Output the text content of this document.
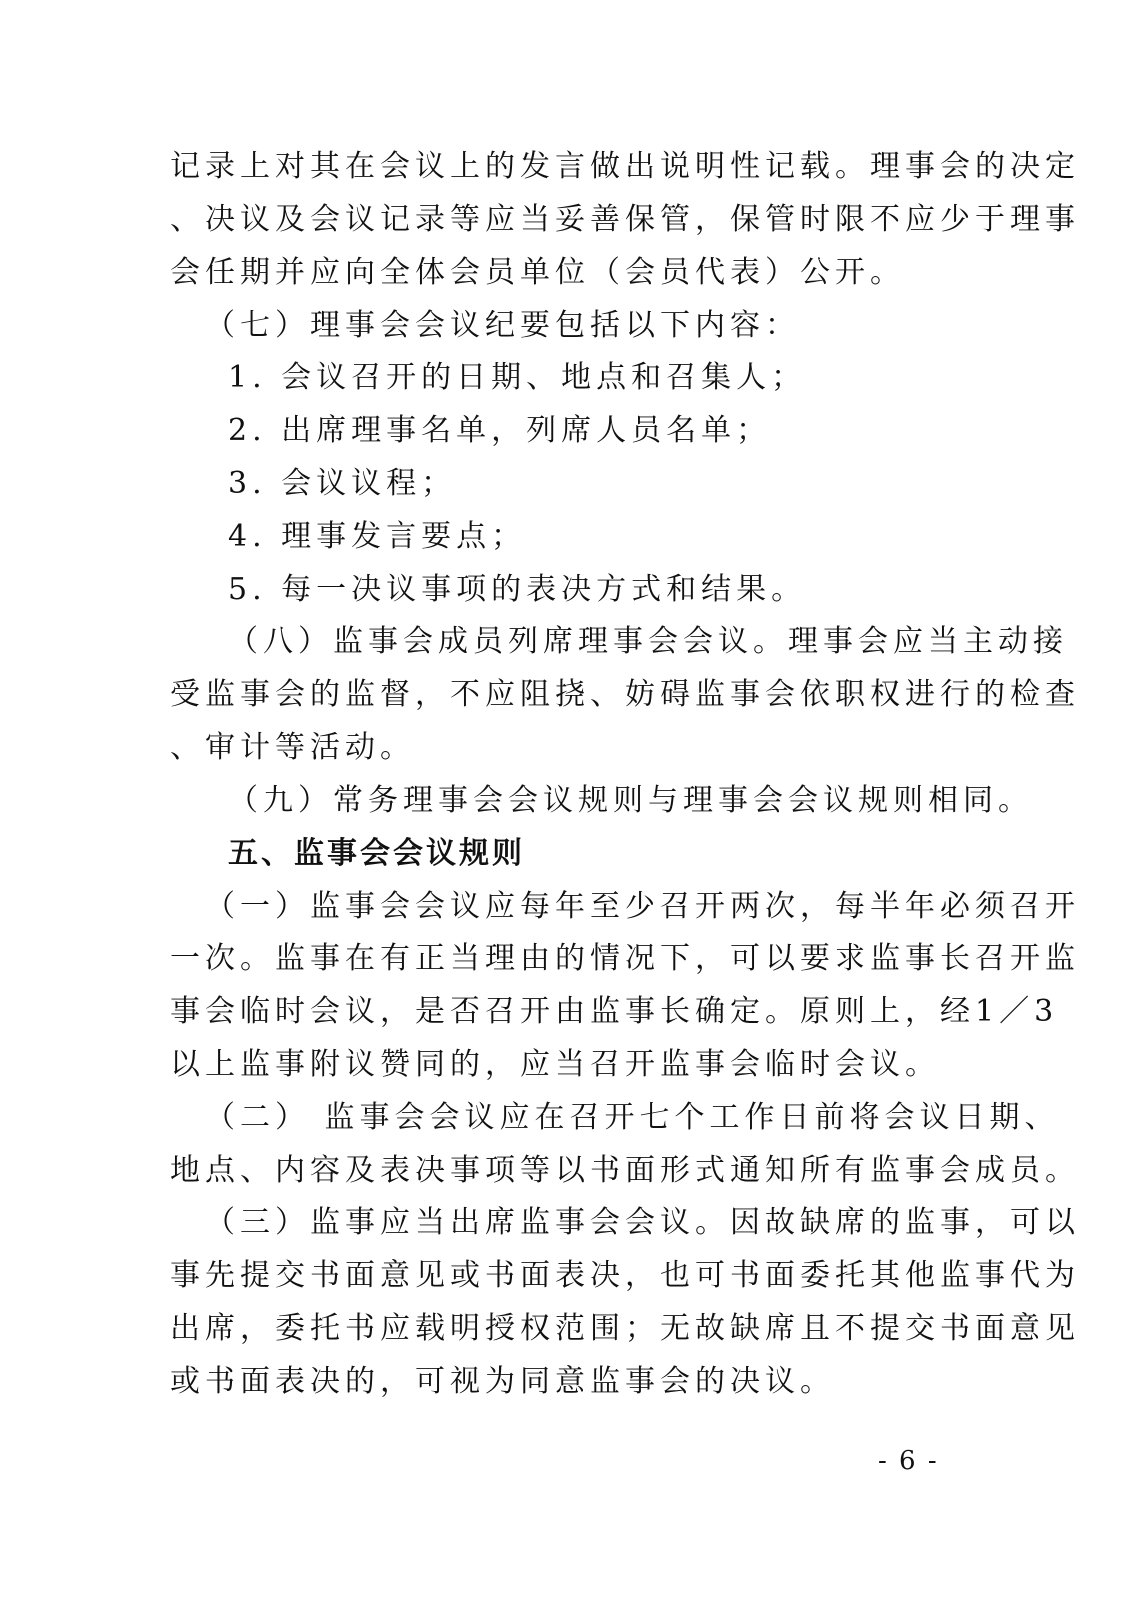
记录上对其在会议上的发言做出说明性记载。理事会的决定
、决议及会议记录等应当妥善保管，保管时限不应少于理事
会任期并应向全体会员单位（会员代表）公开。
（七）理事会会议纪要包括以下内容：
1. 会议召开的日期、地点和召集人；
2. 出席理事名单，列席人员名单；
3. 会议议程；
4. 理事发言要点；
5. 每一决议事项的表决方式和结果。
（八）监事会成员列席理事会会议。理事会应当主动接
受监事会的监督，不应阻挠、妨碍监事会依职权进行的检查
、审计等活动。
（九）常务理事会会议规则与理事会会议规则相同。
五、监事会会议规则
（一）监事会会议应每年至少召开两次，每半年必须召开
一次。监事在有正当理由的情况下，可以要求监事长召开监
事会临时会议，是否召开由监事长确定。原则上，经1／3
以上监事附议赞同的，应当召开监事会临时会议。
（二） 监事会会议应在召开七个工作日前将会议日期、
地点、内容及表决事项等以书面形式通知所有监事会成员。
（三）监事应当出席监事会会议。因故缺席的监事，可以
事先提交书面意见或书面表决，也可书面委托其他监事代为
出席，委托书应载明授权范围；无故缺席且不提交书面意见
或书面表决的，可视为同意监事会的决议。
- 6 -
